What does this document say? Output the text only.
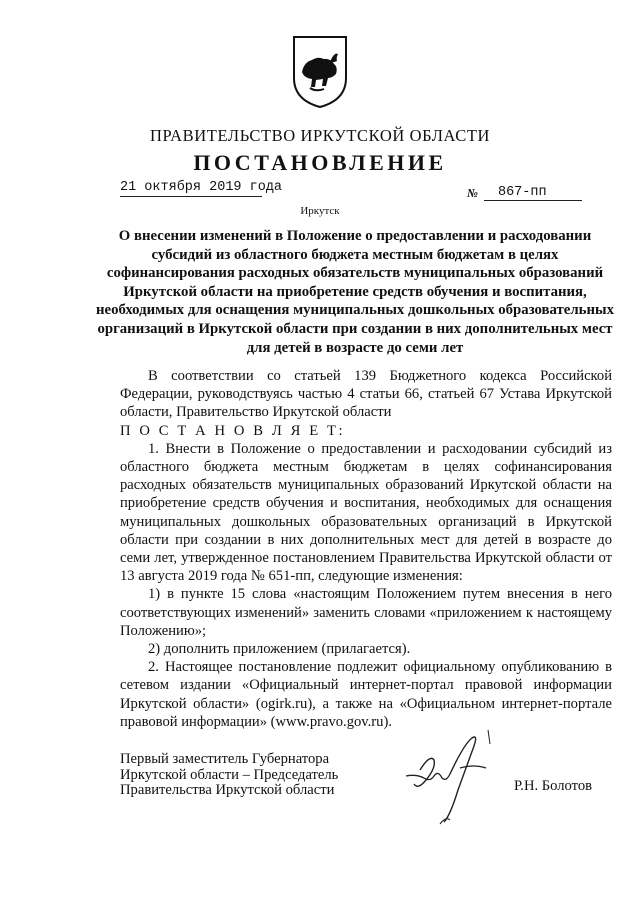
ПРАВИТЕЛЬСТВО ИРКУТСКОЙ ОБЛАСТИ
ПОСТАНОВЛЕНИЕ
21 октября 2019 года	№ 867-пп
Иркутск
О внесении изменений в Положение о предоставлении и расходовании субсидий из областного бюджета местным бюджетам в целях софинансирования расходных обязательств муниципальных образований Иркутской области на приобретение средств обучения и воспитания, необходимых для оснащения муниципальных дошкольных образовательных организаций в Иркутской области при создании в них дополнительных мест для детей в возрасте до семи лет

В соответствии со статьей 139 Бюджетного кодекса Российской Федерации, руководствуясь частью 4 статьи 66, статьей 67 Устава Иркутской области, Правительство Иркутской области

П О С Т А Н О В Л Я Е Т:

1. Внести в Положение о предоставлении и расходовании субсидий из областного бюджета местным бюджетам в целях софинансирования расходных обязательств муниципальных образований Иркутской области на приобретение средств обучения и воспитания, необходимых для оснащения муниципальных дошкольных образовательных организаций в Иркутской области при создании в них дополнительных мест для детей в возрасте до семи лет, утвержденное постановлением Правительства Иркутской области от 13 августа 2019 года № 651-пп, следующие изменения:

1) в пункте 15 слова «настоящим Положением путем внесения в него соответствующих изменений» заменить словами «приложением к настоящему Положению»;

2) дополнить приложением (прилагается).

2. Настоящее постановление подлежит официальному опубликованию в сетевом издании «Официальный интернет-портал правовой информации Иркутской области» (ogirk.ru), а также на «Официальном интернет-портале правовой информации» (www.pravo.gov.ru).

Первый заместитель Губернатора
Иркутской области – Председатель
Правительства Иркутской области	Р.Н. Болотов
